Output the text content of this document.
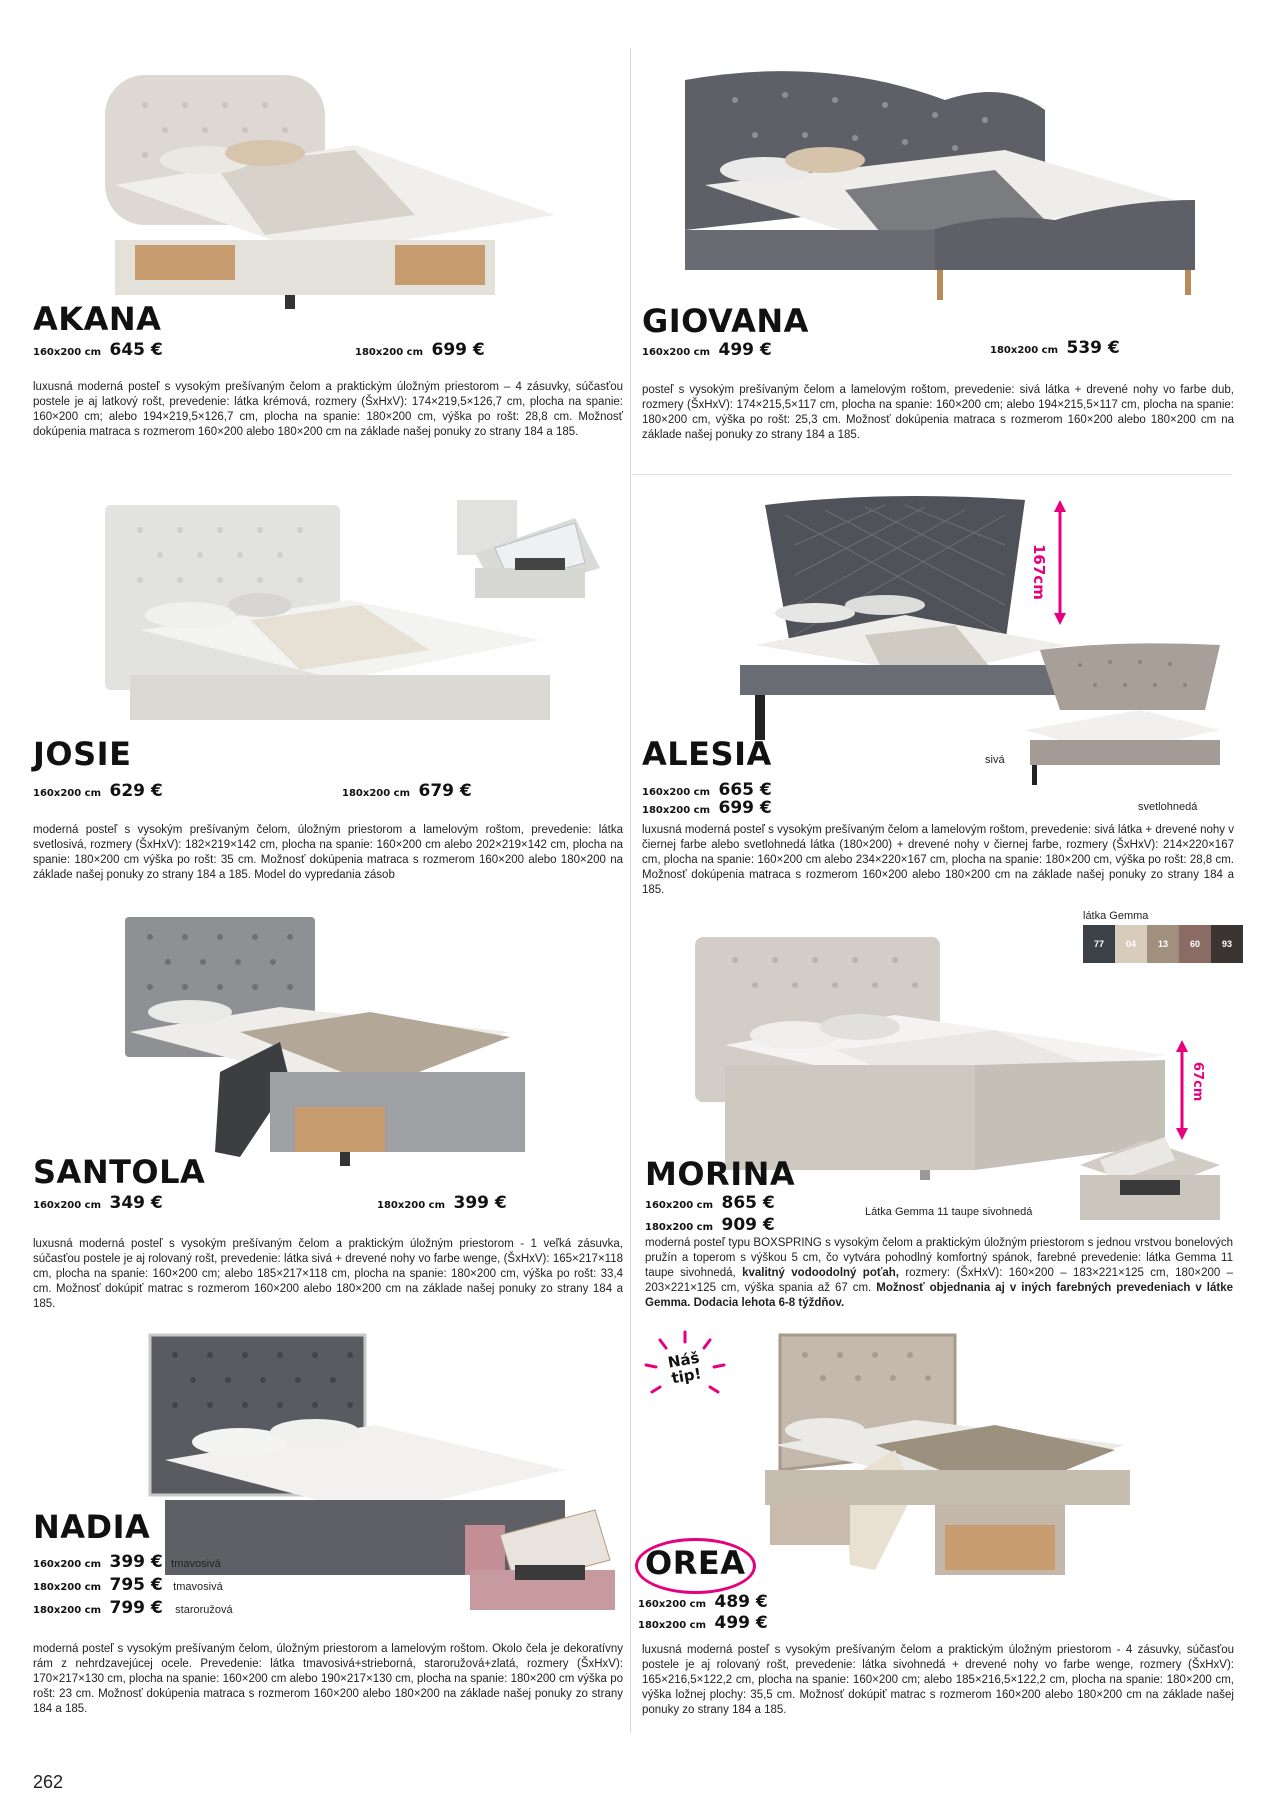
AKANA
160x200 cm 645 €	180x200 cm 699 €
luxusná moderná posteľ s vysokým prešívaným čelom a praktickým úložným priestorom – 4 zásuvky, súčasťou postele je aj latkový rošt, prevedenie: látka krémová, rozmery (ŠxHxV): 174×219,5×126,7 cm, plocha na spanie: 160×200 cm; alebo 194×219,5×126,7 cm, plocha na spanie: 180×200 cm, výška po rošt: 28,8 cm. Možnosť dokúpenia matraca s rozmerom 160×200 alebo 180×200 cm na základe našej ponuky zo strany 184 a 185.
GIOVANA
160x200 cm 499 €	180x200 cm 539 €
posteľ s vysokým prešívaným čelom a lamelovým roštom, prevedenie: sivá látka + drevené nohy vo farbe dub, rozmery (ŠxHxV): 174×215,5×117 cm, plocha na spanie: 160×200 cm; alebo 194×215,5×117 cm, plocha na spanie: 180×200 cm, výška po rošt: 25,3 cm. Možnosť dokúpenia matraca s rozmerom 160×200 alebo 180×200 cm na základe našej ponuky zo strany 184 a 185.
JOSIE
160x200 cm 629 €	180x200 cm 679 €
moderná posteľ s vysokým prešívaným čelom, úložným priestorom a lamelovým roštom, prevedenie: látka svetlosivá, rozmery (ŠxHxV): 182×219×142 cm, plocha na spanie: 160×200 cm alebo 202×219×142 cm, plocha na spanie: 180×200 cm výška po rošt: 35 cm. Možnosť dokúpenia matraca s rozmerom 160×200 alebo 180×200 na základe našej ponuky zo strany 184 a 185. Model do vypredania zásob
167cm
ALESIA
160x200 cm 665 €
180x200 cm 699 €
sivá
svetlohnedá
luxusná moderná posteľ s vysokým prešívaným čelom a lamelovým roštom, prevedenie: sivá látka + drevené nohy v čiernej farbe alebo svetlohnedá látka (180×200) + drevené nohy v čiernej farbe, rozmery (ŠxHxV): 214×220×167 cm, plocha na spanie: 160×200 cm alebo 234×220×167 cm, plocha na spanie: 180×200 cm, výška po rošt: 28,8 cm. Možnosť dokúpenia matraca s rozmerom 160×200 alebo 180×200 cm na základe našej ponuky zo strany 184 a 185.
SANTOLA
160x200 cm 349 €	180x200 cm 399 €
luxusná moderná posteľ s vysokým prešívaným čelom a praktickým úložným priestorom - 1 veľká zásuvka, súčasťou postele je aj rolovaný rošt, prevedenie: látka sivá + drevené nohy vo farbe wenge, (ŠxHxV): 165×217×118 cm, plocha na spanie: 160×200 cm; alebo 185×217×118 cm, plocha na spanie: 180×200 cm, výška po rošt: 33,4 cm. Možnosť dokúpiť matrac s rozmerom 160×200 alebo 180×200 cm na základe našej ponuky zo strany 184 a 185.
látka Gemma
77	04	13	60	93
67cm
MORINA
160x200 cm 865 €
180x200 cm 909 €
Látka Gemma 11 taupe sivohnedá
moderná posteľ typu BOXSPRING s vysokým čelom a praktickým úložným priestorom s jednou vrstvou bonelových pružín a toperom s výškou 5 cm, čo vytvára pohodlný komfortný spánok, farebné prevedenie: látka Gemma 11 taupe sivohnedá, kvalitný vodoodolný poťah, rozmery: (ŠxHxV): 160×200 – 183×221×125 cm, 180×200 – 203×221×125 cm, výška spania až 67 cm. Možnosť objednania aj v iných farebných prevedeniach v látke Gemma. Dodacia lehota 6-8 týždňov.
NADIA
160x200 cm 399 € tmavosivá
180x200 cm 795 € tmavosivá
180x200 cm 799 € staroružová
moderná posteľ s vysokým prešívaným čelom, úložným priestorom a lamelovým roštom. Okolo čela je dekoratívny rám z nehrdzavejúcej ocele. Prevedenie: látka tmavosivá+strieborná, staroružová+zlatá, rozmery (ŠxHxV): 170×217×130 cm, plocha na spanie: 160×200 cm alebo 190×217×130 cm, plocha na spanie: 180×200 cm výška po rošt: 23 cm. Možnosť dokúpenia matraca s rozmerom 160×200 alebo 180×200 na základe našej ponuky zo strany 184 a 185.
Náš tip!
OREA
160x200 cm 489 €
180x200 cm 499 €
luxusná moderná posteľ s vysokým prešívaným čelom a praktickým úložným priestorom - 4 zásuvky, súčasťou postele je aj rolovaný rošt, prevedenie: látka sivohnedá + drevené nohy vo farbe wenge, rozmery (ŠxHxV): 165×216,5×122,2 cm, plocha na spanie: 160×200 cm; alebo 185×216,5×122,2 cm, plocha na spanie: 180×200 cm, výška ložnej plochy: 35,5 cm. Možnosť dokúpiť matrac s rozmerom 160×200 alebo 180×200 cm na základe našej ponuky zo strany 184 a 185.
262
